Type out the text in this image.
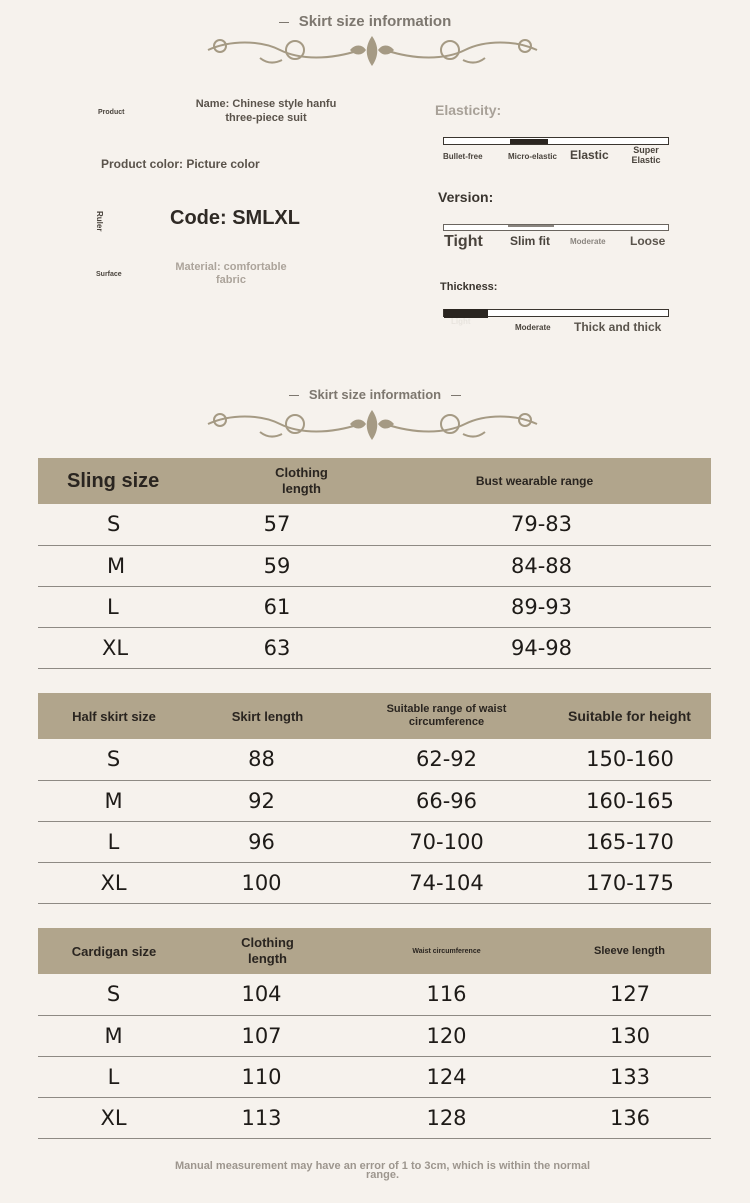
Skirt size information
Product
Name: Chinese style hanfu three-piece suit
Product color: Picture color
Ruler	Code: SMLXL
Surface
Material: comfortable fabric
Elasticity:
Bullet-free	Micro-elastic Elastic	Super Elastic
Version:
Tight Slim fit Moderate Loose
Thickness:
Light
Moderate Thick and thick
Skirt size information
Sling size	Clothing length	Bust wearable range
S	57	79-83
M	59	84-88
L	61	89-93
XL	63	94-98
Half skirt size	Skirt length	Suitable range of waist circumference	Suitable for height
S	88	62-92	150-160
M	92	66-96	160-165
L	96	70-100	165-170
XL	100	74-104	170-175
Cardigan size	Clothing length	Waist circumference	Sleeve length
S	104	116	127
M	107	120	130
L	110	124	133
XL	113	128	136
Manual measurement may have an error of 1 to 3cm, which is within the normal range.
